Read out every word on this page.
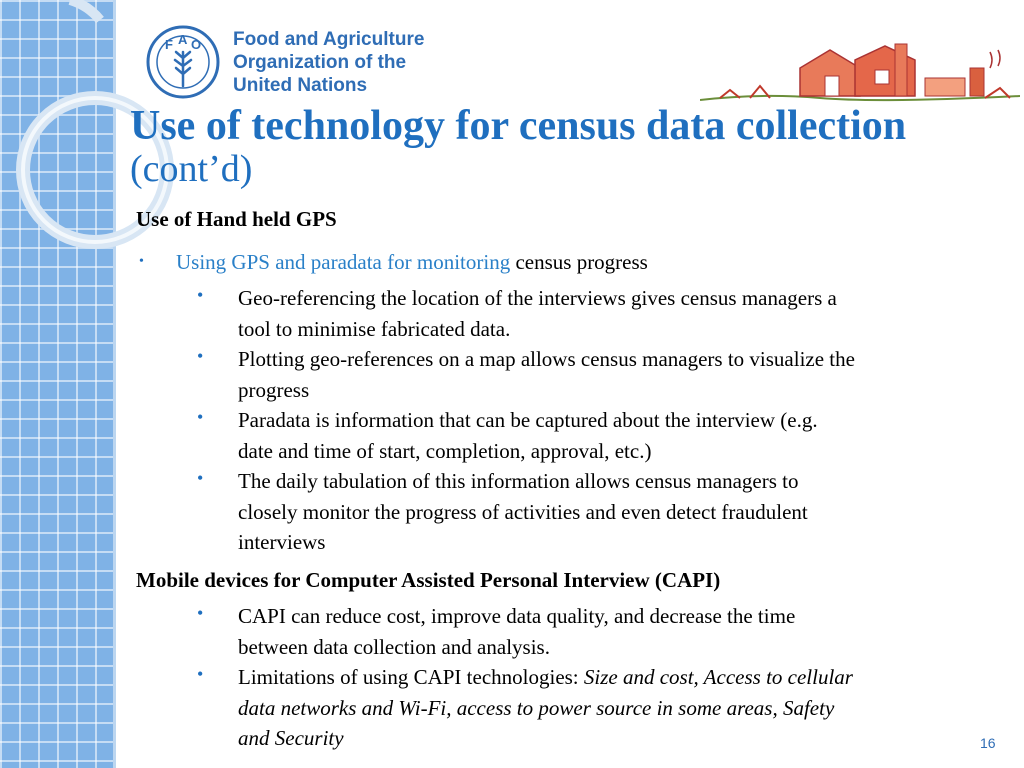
F A O Food and Agriculture
Organization of the
United Nations
Use of technology for census data collection
(cont’d)
Use of Hand held GPS
• Using GPS and paradata for monitoring census progress
• Geo-referencing the location of the interviews gives census managers a
tool to minimise fabricated data.
• Plotting geo-references on a map allows census managers to visualize the
progress
• Paradata is information that can be captured about the interview (e.g.
date and time of start, completion, approval, etc.)
• The daily tabulation of this information allows census managers to
closely monitor the progress of activities and even detect fraudulent
interviews
Mobile devices for Computer Assisted Personal Interview (CAPI)
• CAPI can reduce cost, improve data quality, and decrease the time
between data collection and analysis.
• Limitations of using CAPI technologies: Size and cost, Access to cellular
data networks and Wi-Fi, access to power source in some areas, Safety
and Security	16
